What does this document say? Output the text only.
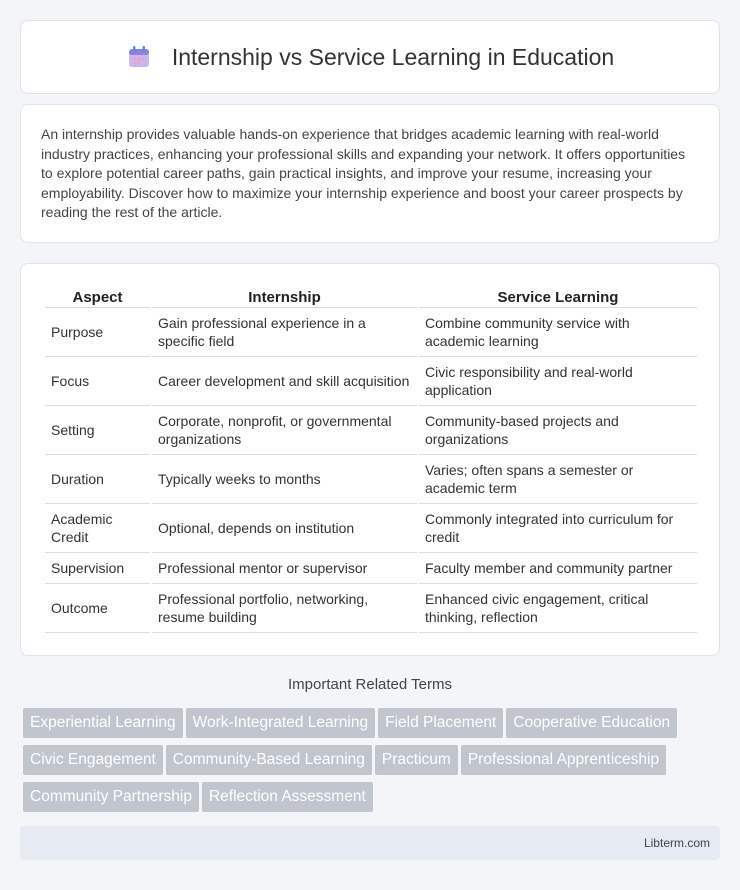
Internship vs Service Learning in Education

An internship provides valuable hands-on experience that bridges academic learning with real-world industry practices, enhancing your professional skills and expanding your network. It offers opportunities to explore potential career paths, gain practical insights, and improve your resume, increasing your employability. Discover how to maximize your internship experience and boost your career prospects by reading the rest of the article.

Aspect	Internship	Service Learning
Purpose	Gain professional experience in a specific field	Combine community service with academic learning
Focus	Career development and skill acquisition	Civic responsibility and real-world application
Setting	Corporate, nonprofit, or governmental organizations	Community-based projects and organizations
Duration	Typically weeks to months	Varies; often spans a semester or academic term
Academic Credit	Optional, depends on institution	Commonly integrated into curriculum for credit
Supervision	Professional mentor or supervisor	Faculty member and community partner
Outcome	Professional portfolio, networking, resume building	Enhanced civic engagement, critical thinking, reflection
Important Related Terms
Experiential Learning Work-Integrated Learning Field Placement Cooperative Education
Civic Engagement Community-Based Learning Practicum Professional Apprenticeship
Community Partnership Reflection Assessment
Libterm.com
